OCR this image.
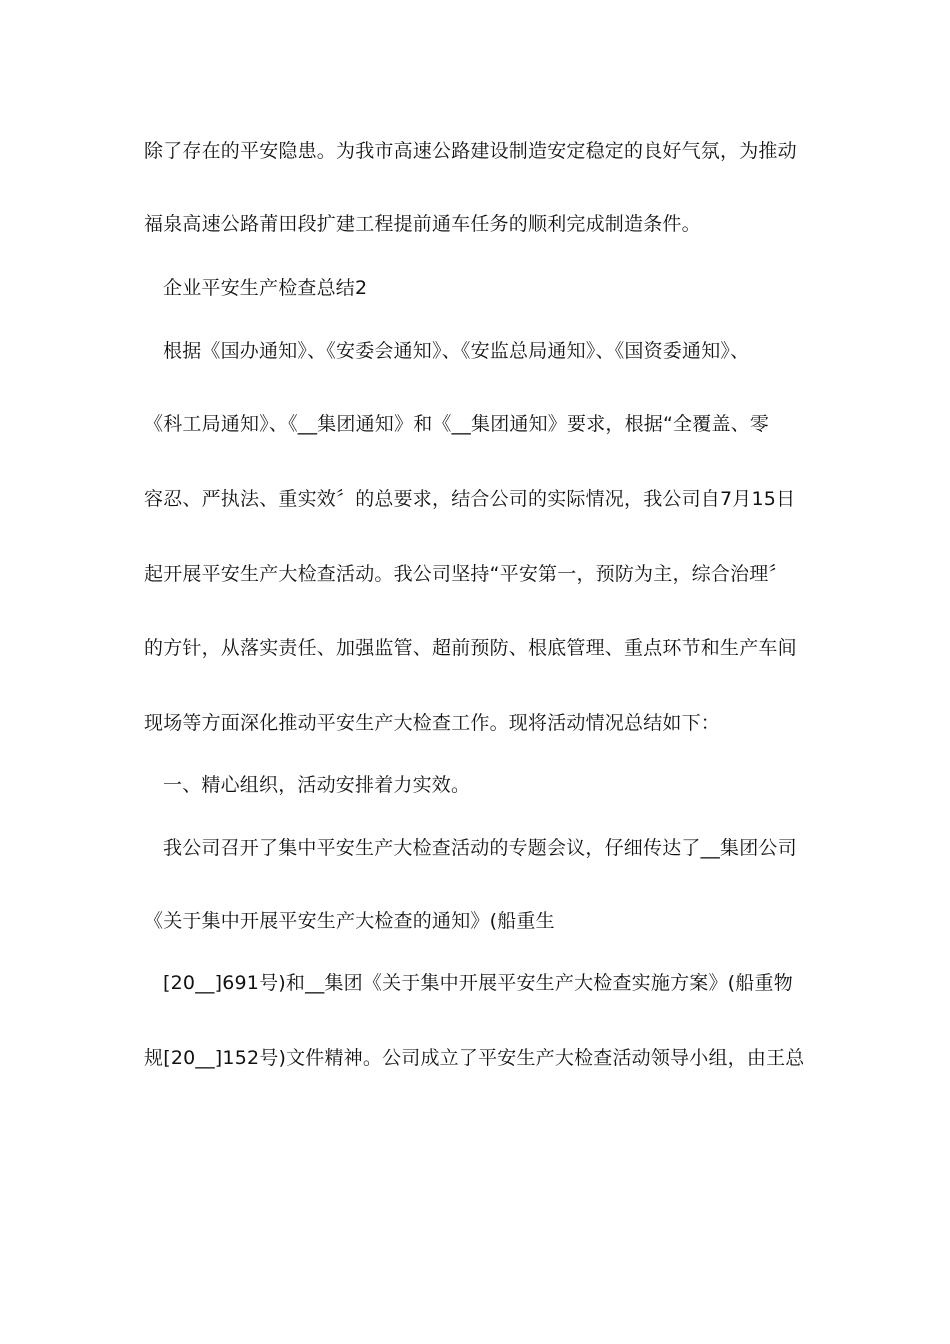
除了存在的平安隐患。为我市高速公路建设制造安定稳定的良好气氛，为推动
福泉高速公路莆田段扩建工程提前通车任务的顺利完成制造条件。
企业平安生产检查总结2
根据《国办通知》、《安委会通知》、《安监总局通知》、《国资委通知》、
《科工局通知》、《__集团通知》和《__集团通知》要求，根据“全覆盖、零
容忍、严执法、重实效〞的总要求，结合公司的实际情况，我公司自7月15日
起开展平安生产大检查活动。我公司坚持“平安第一，预防为主，综合治理〞
的方针，从落实责任、加强监管、超前预防、根底管理、重点环节和生产车间
现场等方面深化推动平安生产大检查工作。现将活动情况总结如下：
一、精心组织，活动安排着力实效。
我公司召开了集中平安生产大检查活动的专题会议，仔细传达了__集团公司
《关于集中开展平安生产大检查的通知》(船重生
[20__]691号)和__集团《关于集中开展平安生产大检查实施方案》(船重物
规[20__]152号)文件精神。公司成立了平安生产大检查活动领导小组，由王总
